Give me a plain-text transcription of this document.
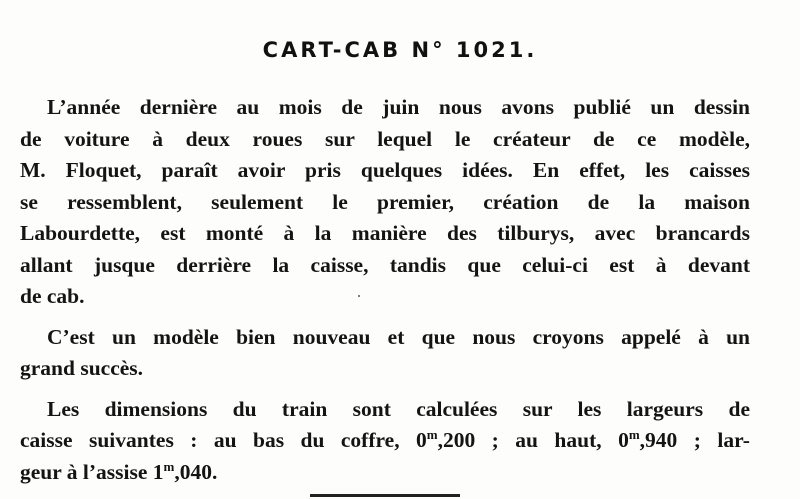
CART-CAB N° 1021.

L’année dernière au mois de juin nous avons publié un dessin
de voiture à deux roues sur lequel le créateur de ce modèle,
M. Floquet, paraît avoir pris quelques idées. En effet, les caisses
se ressemblent, seulement le premier, création de la maison
Labourdette, est monté à la manière des tilburys, avec brancards
allant jusque derrière la caisse, tandis que celui-ci est à devant
de cab.

C’est un modèle bien nouveau et que nous croyons appelé à un
grand succès.

Les dimensions du train sont calculées sur les largeurs de
caisse suivantes : au bas du coffre, 0$^m$,200 ; au haut, 0$^m$,940 ; lar-
geur à l’assise 1$^m$,040.
